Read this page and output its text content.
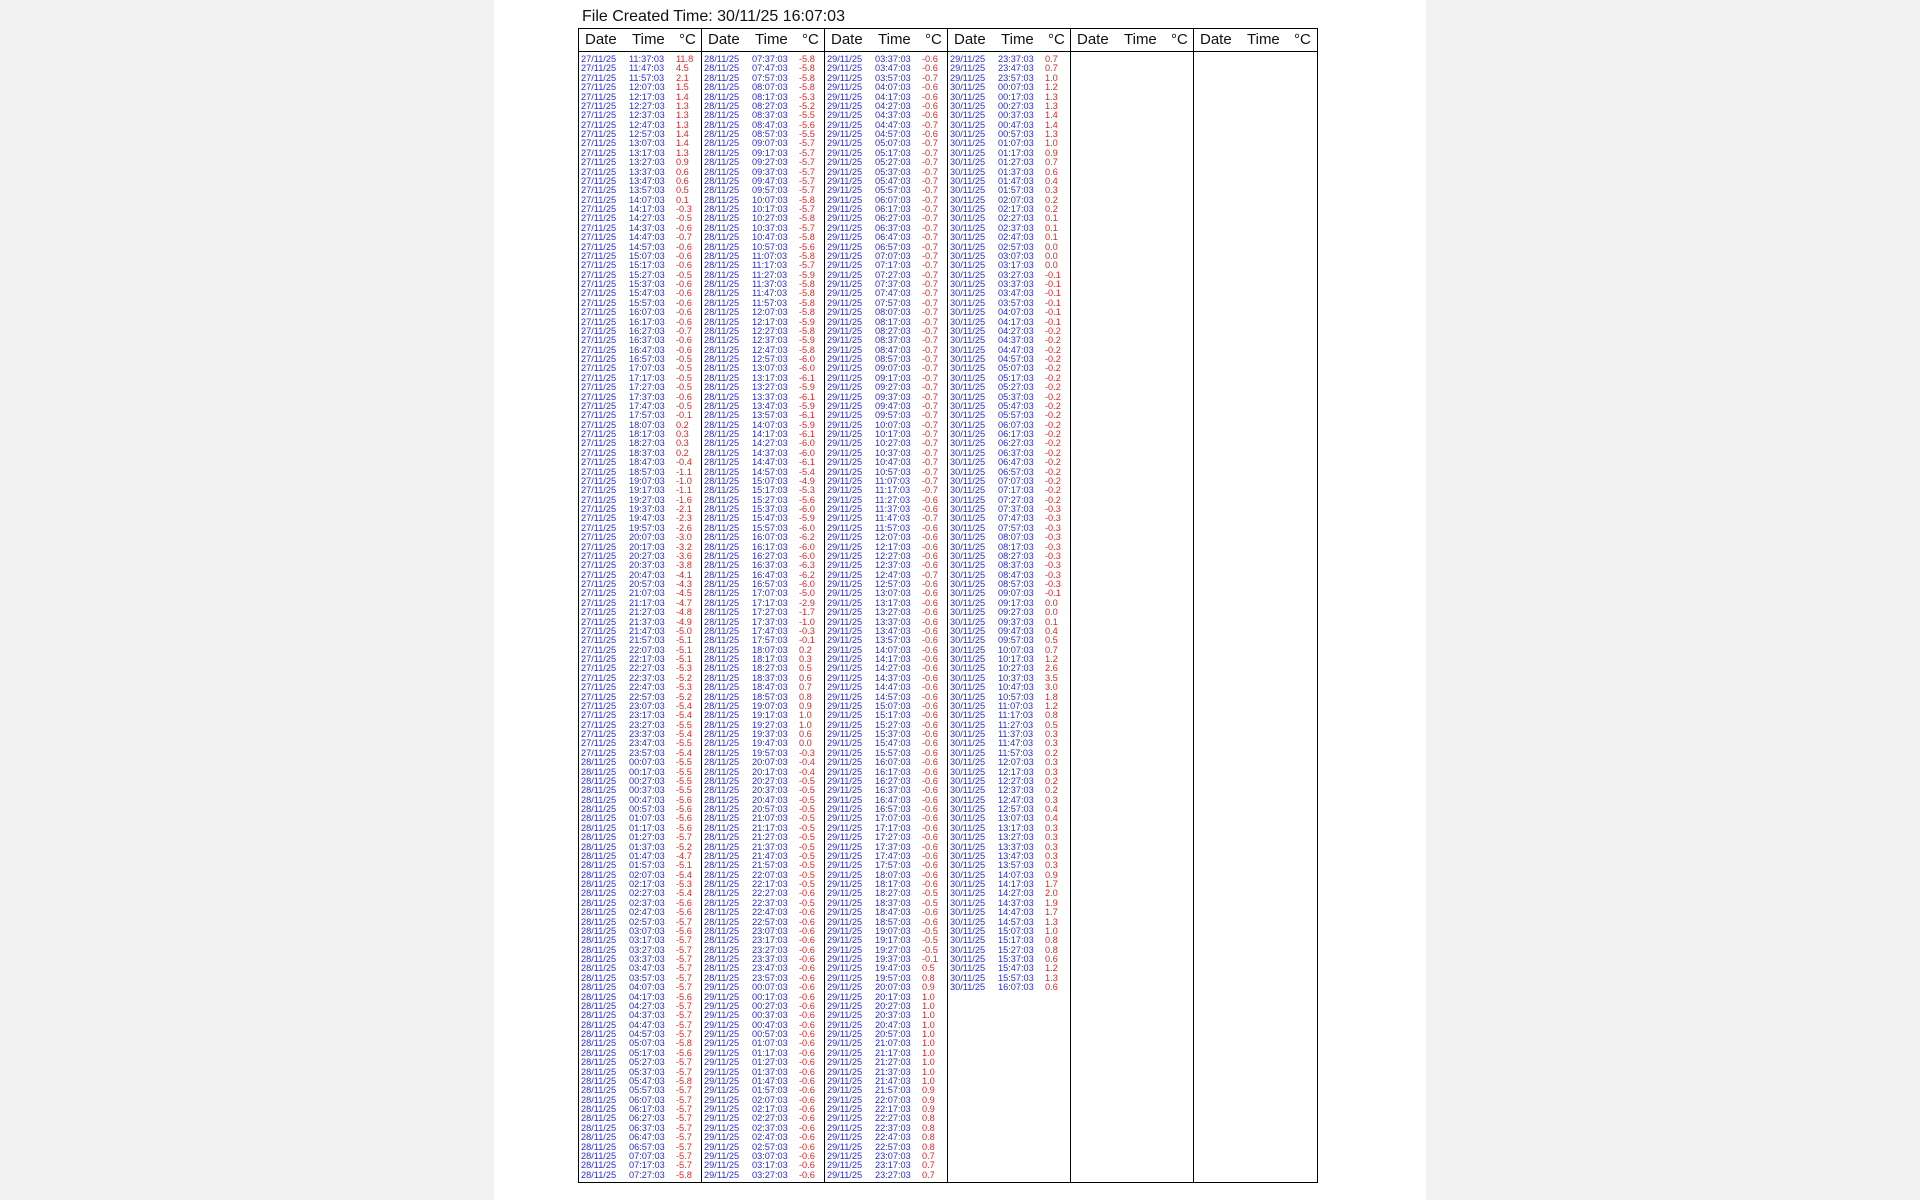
File Created Time: 30/11/25 16:07:03
Date Time °C
27/11/25 11:37:03 11.8
27/11/25 11:47:03 4.5
27/11/25 11:57:03 2.1
27/11/25 12:07:03 1.5
27/11/25 12:17:03 1.4
27/11/25 12:27:03 1.3
27/11/25 12:37:03 1.3
27/11/25 12:47:03 1.3
27/11/25 12:57:03 1.4
27/11/25 13:07:03 1.4
27/11/25 13:17:03 1.3
27/11/25 13:27:03 0.9
27/11/25 13:37:03 0.6
27/11/25 13:47:03 0.6
27/11/25 13:57:03 0.5
27/11/25 14:07:03 0.1
27/11/25 14:17:03 -0.3
27/11/25 14:27:03 -0.5
27/11/25 14:37:03 -0.6
27/11/25 14:47:03 -0.7
27/11/25 14:57:03 -0.6
27/11/25 15:07:03 -0.6
27/11/25 15:17:03 -0.6
27/11/25 15:27:03 -0.5
27/11/25 15:37:03 -0.6
27/11/25 15:47:03 -0.6
27/11/25 15:57:03 -0.6
27/11/25 16:07:03 -0.6
27/11/25 16:17:03 -0.6
27/11/25 16:27:03 -0.7
27/11/25 16:37:03 -0.6
27/11/25 16:47:03 -0.6
27/11/25 16:57:03 -0.5
27/11/25 17:07:03 -0.5
27/11/25 17:17:03 -0.5
27/11/25 17:27:03 -0.5
27/11/25 17:37:03 -0.6
27/11/25 17:47:03 -0.5
27/11/25 17:57:03 -0.1
27/11/25 18:07:03 0.2
27/11/25 18:17:03 0.3
27/11/25 18:27:03 0.3
27/11/25 18:37:03 0.2
27/11/25 18:47:03 -0.4
27/11/25 18:57:03 -1.1
27/11/25 19:07:03 -1.0
27/11/25 19:17:03 -1.1
27/11/25 19:27:03 -1.6
27/11/25 19:37:03 -2.1
27/11/25 19:47:03 -2.3
27/11/25 19:57:03 -2.6
27/11/25 20:07:03 -3.0
27/11/25 20:17:03 -3.2
27/11/25 20:27:03 -3.6
27/11/25 20:37:03 -3.8
27/11/25 20:47:03 -4.1
27/11/25 20:57:03 -4.3
27/11/25 21:07:03 -4.5
27/11/25 21:17:03 -4.7
27/11/25 21:27:03 -4.8
27/11/25 21:37:03 -4.9
27/11/25 21:47:03 -5.0
27/11/25 21:57:03 -5.1
27/11/25 22:07:03 -5.1
27/11/25 22:17:03 -5.1
27/11/25 22:27:03 -5.3
27/11/25 22:37:03 -5.2
27/11/25 22:47:03 -5.3
27/11/25 22:57:03 -5.2
27/11/25 23:07:03 -5.4
27/11/25 23:17:03 -5.4
27/11/25 23:27:03 -5.5
27/11/25 23:37:03 -5.4
27/11/25 23:47:03 -5.5
27/11/25 23:57:03 -5.4
28/11/25 00:07:03 -5.5
28/11/25 00:17:03 -5.5
28/11/25 00:27:03 -5.5
28/11/25 00:37:03 -5.5
28/11/25 00:47:03 -5.6
28/11/25 00:57:03 -5.6
28/11/25 01:07:03 -5.6
28/11/25 01:17:03 -5.6
28/11/25 01:27:03 -5.7
28/11/25 01:37:03 -5.2
28/11/25 01:47:03 -4.7
28/11/25 01:57:03 -5.1
28/11/25 02:07:03 -5.4
28/11/25 02:17:03 -5.3
28/11/25 02:27:03 -5.4
28/11/25 02:37:03 -5.6
28/11/25 02:47:03 -5.6
28/11/25 02:57:03 -5.7
28/11/25 03:07:03 -5.6
28/11/25 03:17:03 -5.7
28/11/25 03:27:03 -5.7
28/11/25 03:37:03 -5.7
28/11/25 03:47:03 -5.7
28/11/25 03:57:03 -5.7
28/11/25 04:07:03 -5.7
28/11/25 04:17:03 -5.6
28/11/25 04:27:03 -5.7
28/11/25 04:37:03 -5.7
28/11/25 04:47:03 -5.7
28/11/25 04:57:03 -5.7
28/11/25 05:07:03 -5.8
28/11/25 05:17:03 -5.6
28/11/25 05:27:03 -5.7
28/11/25 05:37:03 -5.7
28/11/25 05:47:03 -5.8
28/11/25 05:57:03 -5.7
28/11/25 06:07:03 -5.7
28/11/25 06:17:03 -5.7
28/11/25 06:27:03 -5.7
28/11/25 06:37:03 -5.7
28/11/25 06:47:03 -5.7
28/11/25 06:57:03 -5.7
28/11/25 07:07:03 -5.7
28/11/25 07:17:03 -5.7
28/11/25 07:27:03 -5.8
Date Time °C
28/11/25 07:37:03 -5.8
28/11/25 07:47:03 -5.8
28/11/25 07:57:03 -5.8
28/11/25 08:07:03 -5.8
28/11/25 08:17:03 -5.3
28/11/25 08:27:03 -5.2
28/11/25 08:37:03 -5.5
28/11/25 08:47:03 -5.6
28/11/25 08:57:03 -5.5
28/11/25 09:07:03 -5.7
28/11/25 09:17:03 -5.7
28/11/25 09:27:03 -5.7
28/11/25 09:37:03 -5.7
28/11/25 09:47:03 -5.7
28/11/25 09:57:03 -5.7
28/11/25 10:07:03 -5.8
28/11/25 10:17:03 -5.7
28/11/25 10:27:03 -5.8
28/11/25 10:37:03 -5.7
28/11/25 10:47:03 -5.8
28/11/25 10:57:03 -5.6
28/11/25 11:07:03 -5.8
28/11/25 11:17:03 -5.7
28/11/25 11:27:03 -5.9
28/11/25 11:37:03 -5.8
28/11/25 11:47:03 -5.8
28/11/25 11:57:03 -5.8
28/11/25 12:07:03 -5.8
28/11/25 12:17:03 -5.9
28/11/25 12:27:03 -5.8
28/11/25 12:37:03 -5.9
28/11/25 12:47:03 -5.8
28/11/25 12:57:03 -6.0
28/11/25 13:07:03 -6.0
28/11/25 13:17:03 -6.1
28/11/25 13:27:03 -5.9
28/11/25 13:37:03 -6.1
28/11/25 13:47:03 -5.9
28/11/25 13:57:03 -6.1
28/11/25 14:07:03 -5.9
28/11/25 14:17:03 -6.1
28/11/25 14:27:03 -6.0
28/11/25 14:37:03 -6.0
28/11/25 14:47:03 -6.1
28/11/25 14:57:03 -5.4
28/11/25 15:07:03 -4.9
28/11/25 15:17:03 -5.3
28/11/25 15:27:03 -5.6
28/11/25 15:37:03 -6.0
28/11/25 15:47:03 -5.9
28/11/25 15:57:03 -6.0
28/11/25 16:07:03 -6.2
28/11/25 16:17:03 -6.0
28/11/25 16:27:03 -6.0
28/11/25 16:37:03 -6.3
28/11/25 16:47:03 -6.2
28/11/25 16:57:03 -6.0
28/11/25 17:07:03 -5.0
28/11/25 17:17:03 -2.9
28/11/25 17:27:03 -1.7
28/11/25 17:37:03 -1.0
28/11/25 17:47:03 -0.3
28/11/25 17:57:03 -0.1
28/11/25 18:07:03 0.2
28/11/25 18:17:03 0.3
28/11/25 18:27:03 0.5
28/11/25 18:37:03 0.6
28/11/25 18:47:03 0.7
28/11/25 18:57:03 0.8
28/11/25 19:07:03 0.9
28/11/25 19:17:03 1.0
28/11/25 19:27:03 1.0
28/11/25 19:37:03 0.6
28/11/25 19:47:03 0.0
28/11/25 19:57:03 -0.3
28/11/25 20:07:03 -0.4
28/11/25 20:17:03 -0.4
28/11/25 20:27:03 -0.5
28/11/25 20:37:03 -0.5
28/11/25 20:47:03 -0.5
28/11/25 20:57:03 -0.5
28/11/25 21:07:03 -0.5
28/11/25 21:17:03 -0.5
28/11/25 21:27:03 -0.5
28/11/25 21:37:03 -0.5
28/11/25 21:47:03 -0.5
28/11/25 21:57:03 -0.5
28/11/25 22:07:03 -0.5
28/11/25 22:17:03 -0.5
28/11/25 22:27:03 -0.6
28/11/25 22:37:03 -0.5
28/11/25 22:47:03 -0.6
28/11/25 22:57:03 -0.6
28/11/25 23:07:03 -0.6
28/11/25 23:17:03 -0.6
28/11/25 23:27:03 -0.6
28/11/25 23:37:03 -0.6
28/11/25 23:47:03 -0.6
28/11/25 23:57:03 -0.6
29/11/25 00:07:03 -0.6
29/11/25 00:17:03 -0.6
29/11/25 00:27:03 -0.6
29/11/25 00:37:03 -0.6
29/11/25 00:47:03 -0.6
29/11/25 00:57:03 -0.6
29/11/25 01:07:03 -0.6
29/11/25 01:17:03 -0.6
29/11/25 01:27:03 -0.6
29/11/25 01:37:03 -0.6
29/11/25 01:47:03 -0.6
29/11/25 01:57:03 -0.6
29/11/25 02:07:03 -0.6
29/11/25 02:17:03 -0.6
29/11/25 02:27:03 -0.6
29/11/25 02:37:03 -0.6
29/11/25 02:47:03 -0.6
29/11/25 02:57:03 -0.6
29/11/25 03:07:03 -0.6
29/11/25 03:17:03 -0.6
29/11/25 03:27:03 -0.6
Date Time °C
29/11/25 03:37:03 -0.6
29/11/25 03:47:03 -0.6
29/11/25 03:57:03 -0.7
29/11/25 04:07:03 -0.6
29/11/25 04:17:03 -0.6
29/11/25 04:27:03 -0.6
29/11/25 04:37:03 -0.6
29/11/25 04:47:03 -0.7
29/11/25 04:57:03 -0.6
29/11/25 05:07:03 -0.7
29/11/25 05:17:03 -0.7
29/11/25 05:27:03 -0.7
29/11/25 05:37:03 -0.7
29/11/25 05:47:03 -0.7
29/11/25 05:57:03 -0.7
29/11/25 06:07:03 -0.7
29/11/25 06:17:03 -0.7
29/11/25 06:27:03 -0.7
29/11/25 06:37:03 -0.7
29/11/25 06:47:03 -0.7
29/11/25 06:57:03 -0.7
29/11/25 07:07:03 -0.7
29/11/25 07:17:03 -0.7
29/11/25 07:27:03 -0.7
29/11/25 07:37:03 -0.7
29/11/25 07:47:03 -0.7
29/11/25 07:57:03 -0.7
29/11/25 08:07:03 -0.7
29/11/25 08:17:03 -0.7
29/11/25 08:27:03 -0.7
29/11/25 08:37:03 -0.7
29/11/25 08:47:03 -0.7
29/11/25 08:57:03 -0.7
29/11/25 09:07:03 -0.7
29/11/25 09:17:03 -0.7
29/11/25 09:27:03 -0.7
29/11/25 09:37:03 -0.7
29/11/25 09:47:03 -0.7
29/11/25 09:57:03 -0.7
29/11/25 10:07:03 -0.7
29/11/25 10:17:03 -0.7
29/11/25 10:27:03 -0.7
29/11/25 10:37:03 -0.7
29/11/25 10:47:03 -0.7
29/11/25 10:57:03 -0.7
29/11/25 11:07:03 -0.7
29/11/25 11:17:03 -0.7
29/11/25 11:27:03 -0.6
29/11/25 11:37:03 -0.6
29/11/25 11:47:03 -0.7
29/11/25 11:57:03 -0.6
29/11/25 12:07:03 -0.6
29/11/25 12:17:03 -0.6
29/11/25 12:27:03 -0.6
29/11/25 12:37:03 -0.6
29/11/25 12:47:03 -0.7
29/11/25 12:57:03 -0.6
29/11/25 13:07:03 -0.6
29/11/25 13:17:03 -0.6
29/11/25 13:27:03 -0.6
29/11/25 13:37:03 -0.6
29/11/25 13:47:03 -0.6
29/11/25 13:57:03 -0.6
29/11/25 14:07:03 -0.6
29/11/25 14:17:03 -0.6
29/11/25 14:27:03 -0.6
29/11/25 14:37:03 -0.6
29/11/25 14:47:03 -0.6
29/11/25 14:57:03 -0.6
29/11/25 15:07:03 -0.6
29/11/25 15:17:03 -0.6
29/11/25 15:27:03 -0.6
29/11/25 15:37:03 -0.6
29/11/25 15:47:03 -0.6
29/11/25 15:57:03 -0.6
29/11/25 16:07:03 -0.6
29/11/25 16:17:03 -0.6
29/11/25 16:27:03 -0.6
29/11/25 16:37:03 -0.6
29/11/25 16:47:03 -0.6
29/11/25 16:57:03 -0.6
29/11/25 17:07:03 -0.6
29/11/25 17:17:03 -0.6
29/11/25 17:27:03 -0.6
29/11/25 17:37:03 -0.6
29/11/25 17:47:03 -0.6
29/11/25 17:57:03 -0.6
29/11/25 18:07:03 -0.6
29/11/25 18:17:03 -0.6
29/11/25 18:27:03 -0.5
29/11/25 18:37:03 -0.5
29/11/25 18:47:03 -0.6
29/11/25 18:57:03 -0.6
29/11/25 19:07:03 -0.5
29/11/25 19:17:03 -0.5
29/11/25 19:27:03 -0.5
29/11/25 19:37:03 -0.1
29/11/25 19:47:03 0.5
29/11/25 19:57:03 0.8
29/11/25 20:07:03 0.9
29/11/25 20:17:03 1.0
29/11/25 20:27:03 1.0
29/11/25 20:37:03 1.0
29/11/25 20:47:03 1.0
29/11/25 20:57:03 1.0
29/11/25 21:07:03 1.0
29/11/25 21:17:03 1.0
29/11/25 21:27:03 1.0
29/11/25 21:37:03 1.0
29/11/25 21:47:03 1.0
29/11/25 21:57:03 0.9
29/11/25 22:07:03 0.9
29/11/25 22:17:03 0.9
29/11/25 22:27:03 0.8
29/11/25 22:37:03 0.8
29/11/25 22:47:03 0.8
29/11/25 22:57:03 0.8
29/11/25 23:07:03 0.7
29/11/25 23:17:03 0.7
29/11/25 23:27:03 0.7
Date Time °C
29/11/25 23:37:03 0.7
29/11/25 23:47:03 0.7
29/11/25 23:57:03 1.0
30/11/25 00:07:03 1.2
30/11/25 00:17:03 1.3
30/11/25 00:27:03 1.3
30/11/25 00:37:03 1.4
30/11/25 00:47:03 1.4
30/11/25 00:57:03 1.3
30/11/25 01:07:03 1.0
30/11/25 01:17:03 0.9
30/11/25 01:27:03 0.7
30/11/25 01:37:03 0.6
30/11/25 01:47:03 0.4
30/11/25 01:57:03 0.3
30/11/25 02:07:03 0.2
30/11/25 02:17:03 0.2
30/11/25 02:27:03 0.1
30/11/25 02:37:03 0.1
30/11/25 02:47:03 0.1
30/11/25 02:57:03 0.0
30/11/25 03:07:03 0.0
30/11/25 03:17:03 0.0
30/11/25 03:27:03 -0.1
30/11/25 03:37:03 -0.1
30/11/25 03:47:03 -0.1
30/11/25 03:57:03 -0.1
30/11/25 04:07:03 -0.1
30/11/25 04:17:03 -0.1
30/11/25 04:27:03 -0.2
30/11/25 04:37:03 -0.2
30/11/25 04:47:03 -0.2
30/11/25 04:57:03 -0.2
30/11/25 05:07:03 -0.2
30/11/25 05:17:03 -0.2
30/11/25 05:27:03 -0.2
30/11/25 05:37:03 -0.2
30/11/25 05:47:03 -0.2
30/11/25 05:57:03 -0.2
30/11/25 06:07:03 -0.2
30/11/25 06:17:03 -0.2
30/11/25 06:27:03 -0.2
30/11/25 06:37:03 -0.2
30/11/25 06:47:03 -0.2
30/11/25 06:57:03 -0.2
30/11/25 07:07:03 -0.2
30/11/25 07:17:03 -0.2
30/11/25 07:27:03 -0.2
30/11/25 07:37:03 -0.3
30/11/25 07:47:03 -0.3
30/11/25 07:57:03 -0.3
30/11/25 08:07:03 -0.3
30/11/25 08:17:03 -0.3
30/11/25 08:27:03 -0.3
30/11/25 08:37:03 -0.3
30/11/25 08:47:03 -0.3
30/11/25 08:57:03 -0.3
30/11/25 09:07:03 -0.1
30/11/25 09:17:03 0.0
30/11/25 09:27:03 0.0
30/11/25 09:37:03 0.1
30/11/25 09:47:03 0.4
30/11/25 09:57:03 0.5
30/11/25 10:07:03 0.7
30/11/25 10:17:03 1.2
30/11/25 10:27:03 2.6
30/11/25 10:37:03 3.5
30/11/25 10:47:03 3.0
30/11/25 10:57:03 1.8
30/11/25 11:07:03 1.2
30/11/25 11:17:03 0.8
30/11/25 11:27:03 0.5
30/11/25 11:37:03 0.3
30/11/25 11:47:03 0.3
30/11/25 11:57:03 0.2
30/11/25 12:07:03 0.3
30/11/25 12:17:03 0.3
30/11/25 12:27:03 0.2
30/11/25 12:37:03 0.2
30/11/25 12:47:03 0.3
30/11/25 12:57:03 0.4
30/11/25 13:07:03 0.4
30/11/25 13:17:03 0.3
30/11/25 13:27:03 0.3
30/11/25 13:37:03 0.3
30/11/25 13:47:03 0.3
30/11/25 13:57:03 0.3
30/11/25 14:07:03 0.9
30/11/25 14:17:03 1.7
30/11/25 14:27:03 2.0
30/11/25 14:37:03 1.9
30/11/25 14:47:03 1.7
30/11/25 14:57:03 1.3
30/11/25 15:07:03 1.0
30/11/25 15:17:03 0.8
30/11/25 15:27:03 0.8
30/11/25 15:37:03 0.6
30/11/25 15:47:03 1.2
30/11/25 15:57:03 1.3
30/11/25 16:07:03 0.6
Date Time °C Date Time °C
